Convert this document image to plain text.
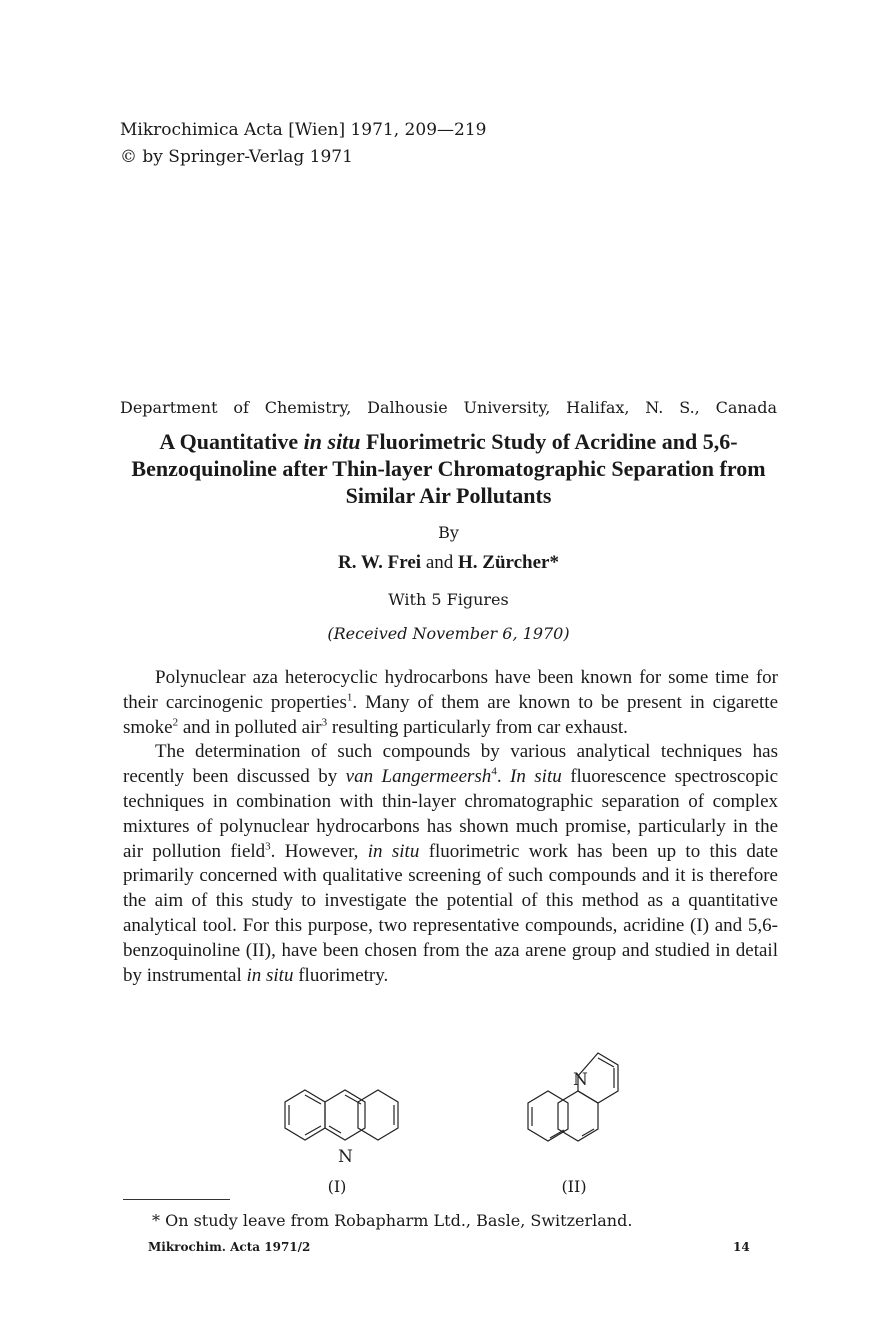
Mikrochimica Acta [Wien] 1971, 209—219
© by Springer-Verlag 1971
Department of Chemistry, Dalhousie University, Halifax, N. S., Canada
A Quantitative in situ Fluorimetric Study of Acridine and 5,6-Benzoquinoline after Thin-layer Chromatographic Separation from Similar Air Pollutants
By
R. W. Frei and H. Zürcher*
With 5 Figures
(Received November 6, 1970)

Polynuclear aza heterocyclic hydrocarbons have been known for some time for their carcinogenic properties$^1$. Many of them are known to be present in cigarette smoke$^2$ and in polluted air$^3$ resulting particularly from car exhaust.

The determination of such compounds by various analytical techniques has recently been discussed by van Langermeersh$^4$. In situ fluorescence spectroscopic techniques in combination with thin-layer chromatographic separation of complex mixtures of polynuclear hydrocarbons has shown much promise, particularly in the air pollution field$^3$. However, in situ fluorimetric work has been up to this date primarily concerned with qualitative screening of such compounds and it is therefore the aim of this study to investigate the potential of this method as a quantitative analytical tool. For this purpose, two representative compounds, acridine (I) and 5,6-benzoquinoline (II), have been chosen from the aza arene group and studied in detail by instrumental in situ fluorimetry.

N
(I)
N
(II)
* On study leave from Robapharm Ltd., Basle, Switzerland.
Mikrochim. Acta 1971/2	14
